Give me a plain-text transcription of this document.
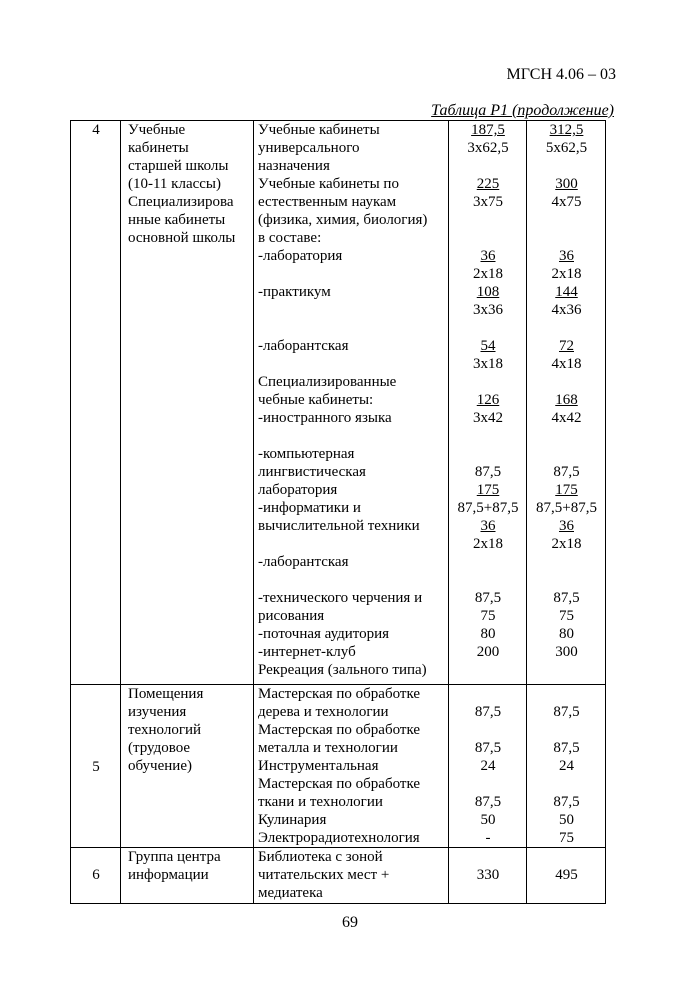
МГСН 4.06 – 03
Таблица Р1 (продолжение)
4	Учебные
кабинеты
старшей школы
(10-11 классы)
Специализирова
нные кабинеты
основной школы
Учебные кабинеты
универсального
назначения
Учебные кабинеты по
естественным наукам
(физика, химия, биология)
в составе:
-лаборатория
-практикум
-лаборантская
Специализированные
чебные кабинеты:
-иностранного языка
-компьютерная
лингвистическая
лаборатория
-информатики и
вычислительной техники
-лаборантская
-технического черчения и
рисования
-поточная аудитория
-интернет-клуб
Рекреация (зального типа)
187,5
3x62,5
225
3x75
36
2x18
108
3x36
54
3x18
126
3x42
87,5
175
87,5+87,5
36
2x18
87,5
75
80
200
312,5
5x62,5
300
4x75
36
2x18
144
4x36
72
4x18
168
4x42
87,5
175
87,5+87,5
36
2x18
87,5
75
80
300
5
Помещения
изучения
технологий
(трудовое
обучение)
Мастерская по обработке
дерева и технологии
Мастерская по обработке
металла и технологии
Инструментальная
Мастерская по обработке
ткани и технологии
Кулинария
Электрорадиотехнология
87,5
87,5
24
87,5
50
-
87,5
87,5
24
87,5
50
75
6
Группа центра
информации
Библиотека с зоной
читательских мест +
медиатека
330	495
69
